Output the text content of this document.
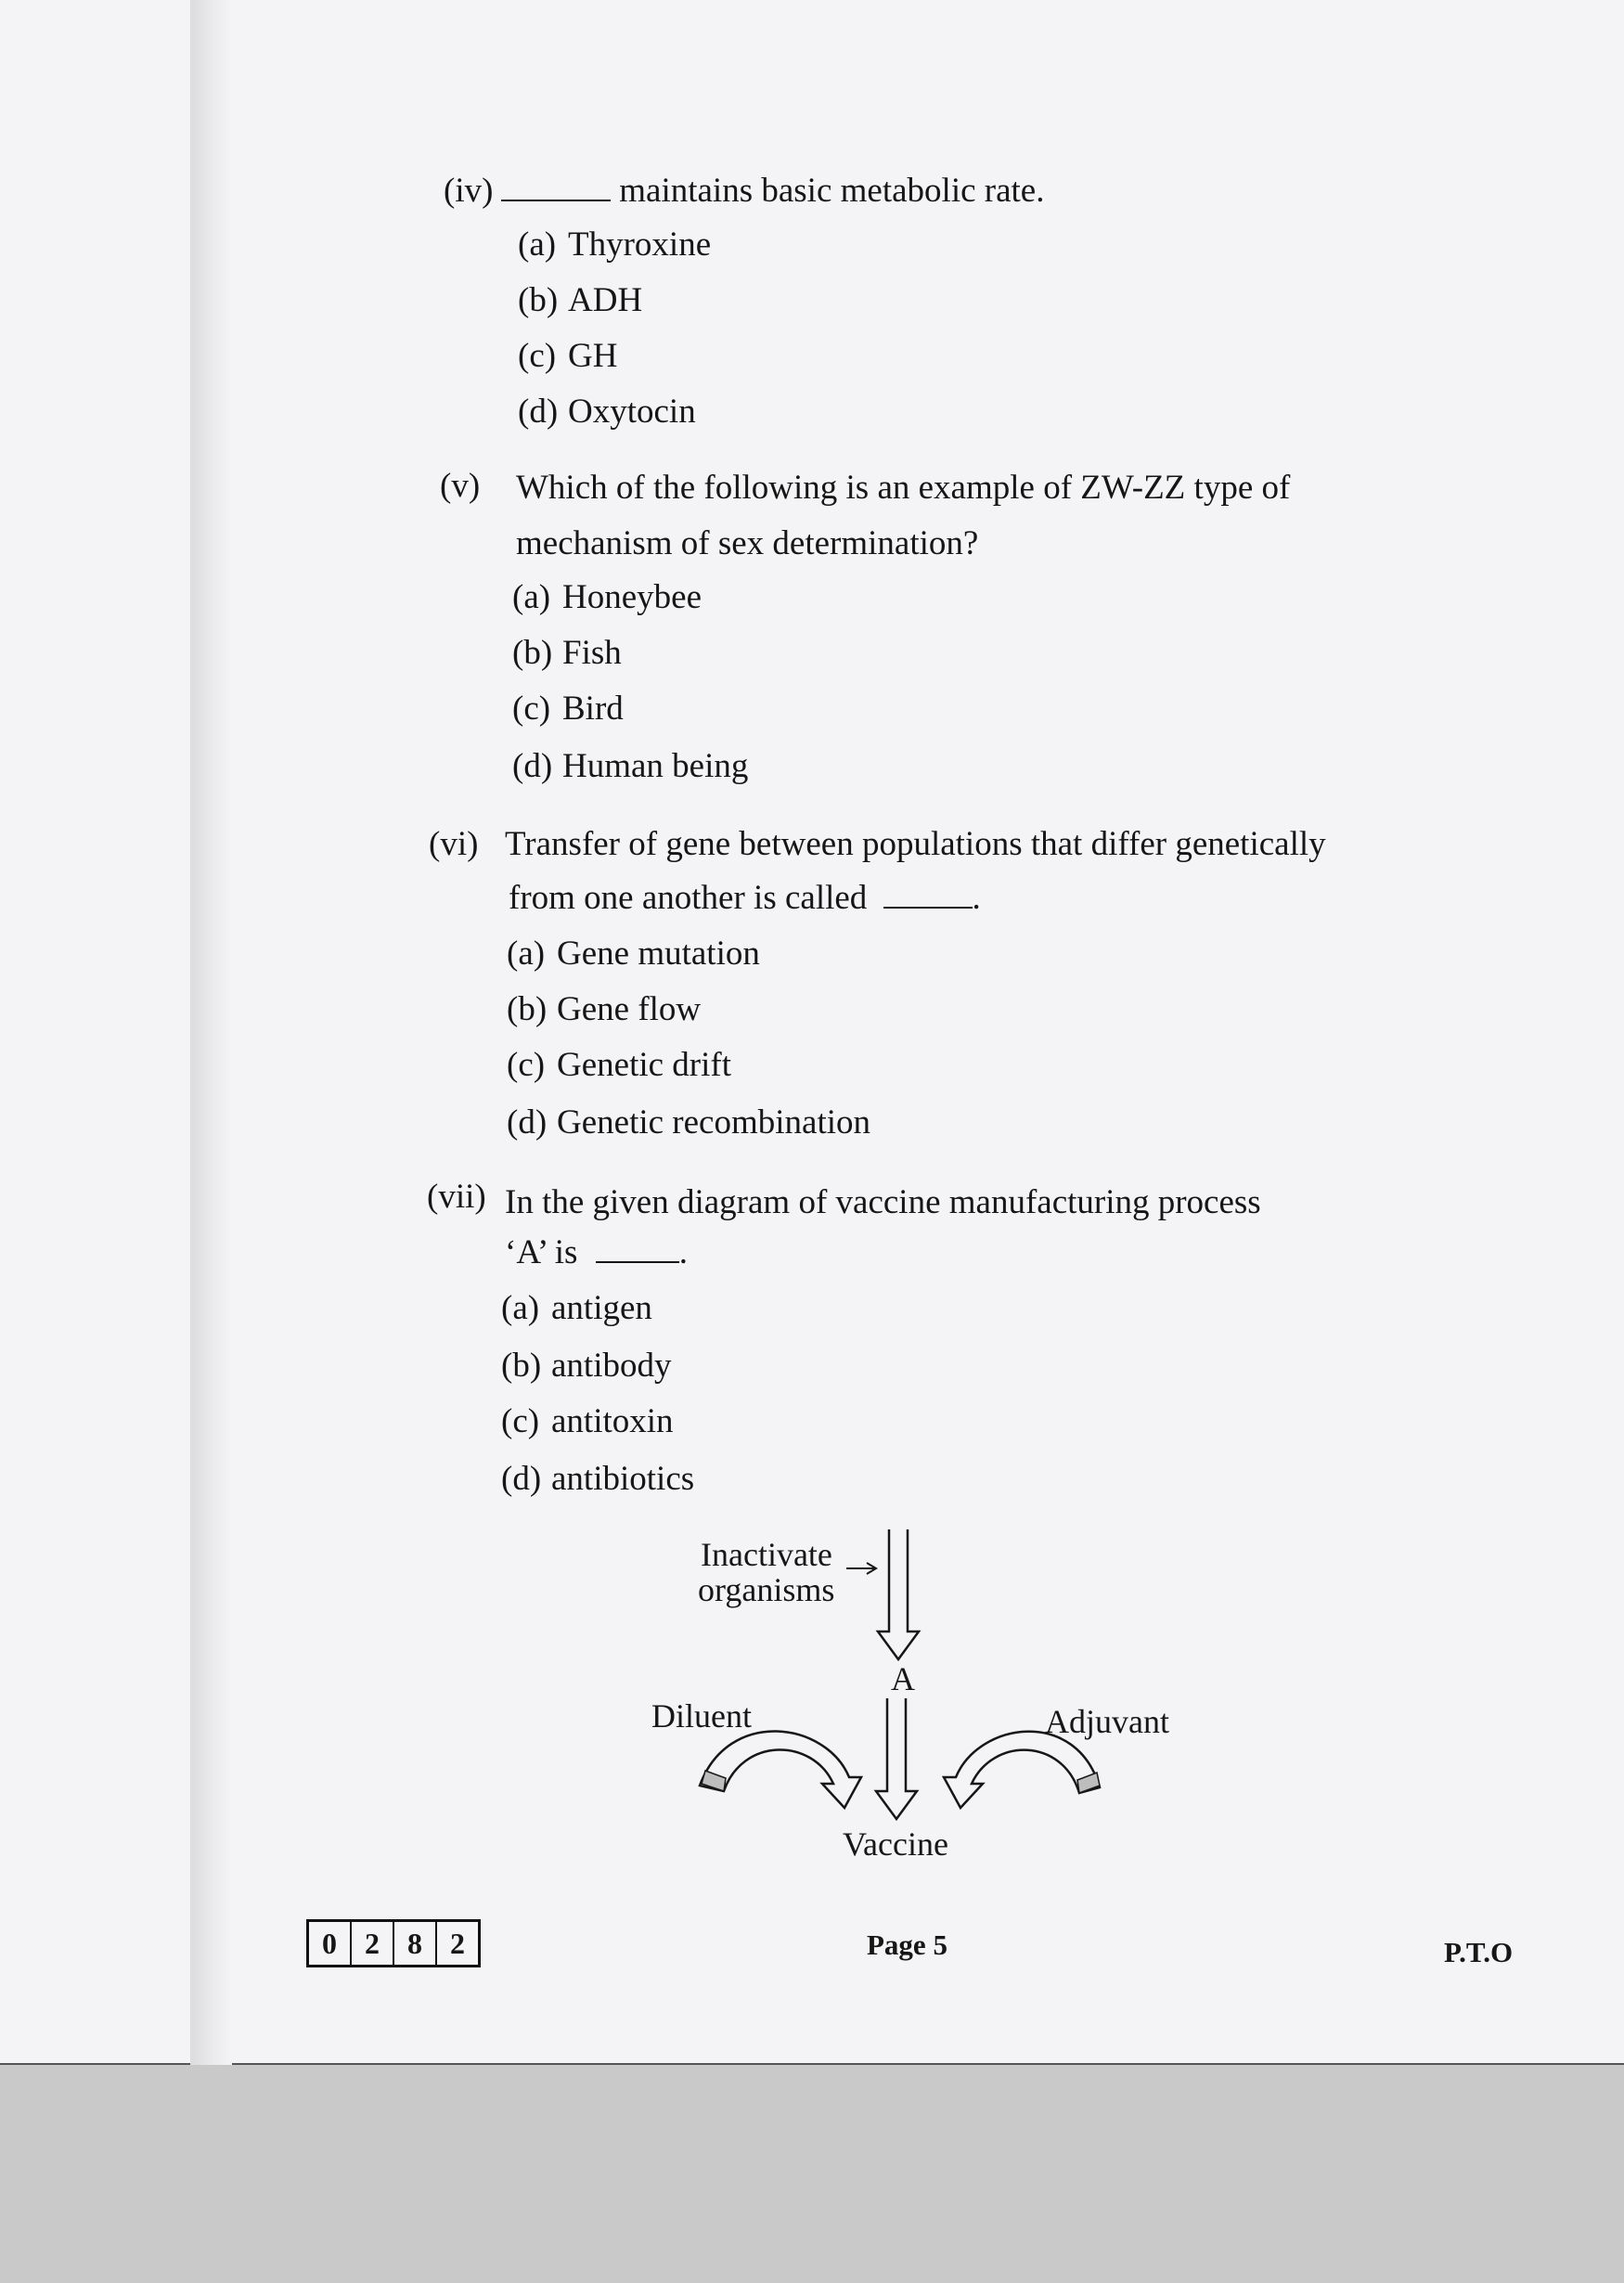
(iv)	maintains basic metabolic rate.
(a) Thyroxine
(b) ADH
(c) GH
(d) Oxytocin
(v) Which of the following is an example of ZW-ZZ type of
mechanism of sex determination?
(a) Honeybee
(b) Fish
(c) Bird
(d) Human being
(vi) Transfer of gene between populations that differ genetically
from one another is called	.
(a) Gene mutation
(b) Gene flow
(c) Genetic drift
(d) Genetic recombination
(vii) In the given diagram of vaccine manufacturing process
‘A’ is	.
(a) antigen
(b) antibody
(c) antitoxin
(d) antibiotics
Inactivate
organisms
A
Diluent	Adjuvant
Vaccine
0 2 8 2	Page 5	P.T.O
